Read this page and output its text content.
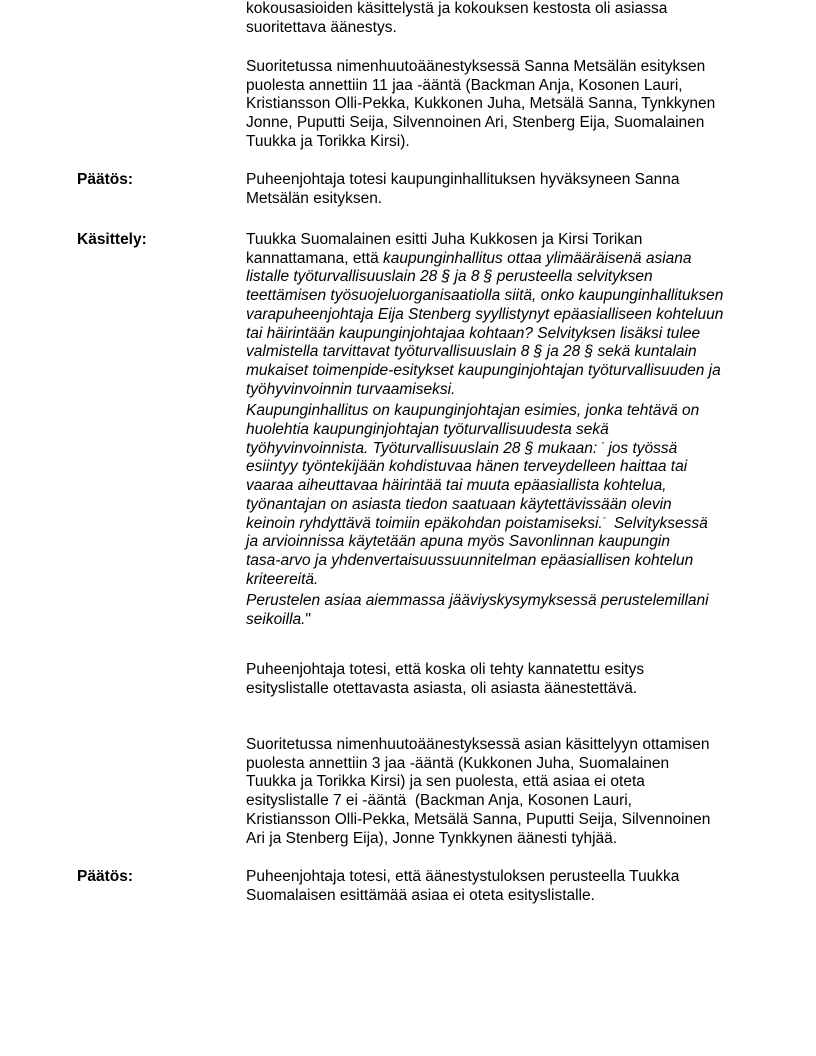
kokousasioiden käsittelystä ja kokouksen kestosta oli asiassa

suoritettava äänestys.

Suoritetussa nimenhuutoäänestyksessä Sanna Metsälän esityksen

puolesta annettiin 11 jaa -ääntä (Backman Anja, Kosonen Lauri,

Kristiansson Olli-Pekka, Kukkonen Juha, Metsälä Sanna, Tynkkynen

Jonne, Puputti Seija, Silvennoinen Ari, Stenberg Eija, Suomalainen

Tuukka ja Torikka Kirsi).

Päätös:	Puheenjohtaja totesi kaupunginhallituksen hyväksyneen Sanna

Metsälän esityksen.

Käsittely:	Tuukka Suomalainen esitti Juha Kukkosen ja Kirsi Torikan

kannattamana, että kaupunginhallitus ottaa ylimääräisenä asiana

listalle työturvallisuuslain 28 § ja 8 § perusteella selvityksen

teettämisen työsuojeluorganisaatiolla siitä, onko kaupunginhallituksen

varapuheenjohtaja Eija Stenberg syyllistynyt epäasialliseen kohteluun

tai häirintään kaupunginjohtajaa kohtaan? Selvityksen lisäksi tulee

valmistella tarvittavat työturvallisuuslain 8 § ja 28 § sekä kuntalain

mukaiset toimenpide-esitykset kaupunginjohtajan työturvallisuuden ja

työhyvinvoinnin turvaamiseksi.

Kaupunginhallitus on kaupunginjohtajan esimies, jonka tehtävä on

huolehtia kaupunginjohtajan työturvallisuudesta sekä

työhyvinvoinnista. Työturvallisuuslain 28 § mukaan: " jos työssä

esiintyy työntekijään kohdistuvaa hänen terveydelleen haittaa tai

vaaraa aiheuttavaa häirintää tai muuta epäasiallista kohtelua,

työnantajan on asiasta tiedon saatuaan käytettävissään olevin

keinoin ryhdyttävä toimiin epäkohdan poistamiseksi."  Selvityksessä

ja arvioinnissa käytetään apuna myös Savonlinnan kaupungin

tasa-arvo ja yhdenvertaisuussuunnitelman epäasiallisen kohtelun

kriteereitä.

Perustelen asiaa aiemmassa jääviyskysymyksessä perustelemillani

seikoilla."

Puheenjohtaja totesi, että koska oli tehty kannatettu esitys

esityslistalle otettavasta asiasta, oli asiasta äänestettävä.

Suoritetussa nimenhuutoäänestyksessä asian käsittelyyn ottamisen

puolesta annettiin 3 jaa -ääntä (Kukkonen Juha, Suomalainen

Tuukka ja Torikka Kirsi) ja sen puolesta, että asiaa ei oteta

esityslistalle 7 ei -ääntä  (Backman Anja, Kosonen Lauri,

Kristiansson Olli-Pekka, Metsälä Sanna, Puputti Seija, Silvennoinen

Ari ja Stenberg Eija), Jonne Tynkkynen äänesti tyhjää.

Päätös:	Puheenjohtaja totesi, että äänestystuloksen perusteella Tuukka

Suomalaisen esittämää asiaa ei oteta esityslistalle.
